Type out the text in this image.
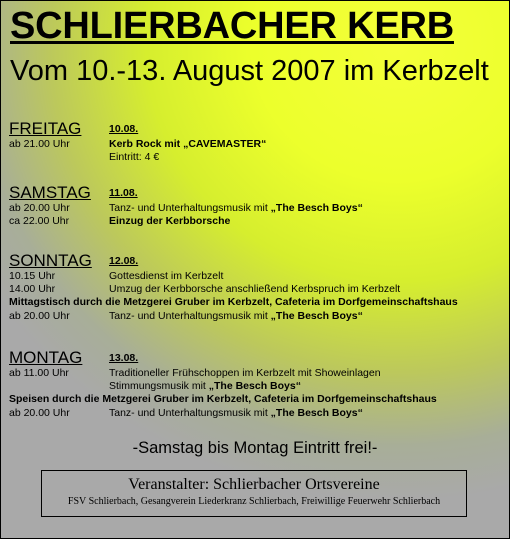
SCHLIERBACHER KERB
Vom 10.-13. August 2007 im Kerbzelt
FREITAG	10.08.
ab 21.00 Uhr	Kerb Rock mit „CAVEMASTER“
Eintritt: 4 €
SAMSTAG 11.08.
ab 20.00 Uhr	Tanz- und Unterhaltungsmusik mit „The Besch Boys“
ca 22.00 Uhr	Einzug der Kerbborsche
SONNTAG 12.08.
10.15 Uhr	Gottesdienst im Kerbzelt
14.00 Uhr	Umzug der Kerbborsche anschließend Kerbspruch im Kerbzelt
Mittagstisch durch die Metzgerei Gruber im Kerbzelt, Cafeteria im Dorfgemeinschaftshaus
ab 20.00 Uhr	Tanz- und Unterhaltungsmusik mit „The Besch Boys“
MONTAG	13.08.
ab 11.00 Uhr	Traditioneller Frühschoppen im Kerbzelt mit Showeinlagen
Stimmungsmusik mit „The Besch Boys“
Speisen durch die Metzgerei Gruber im Kerbzelt, Cafeteria im Dorfgemeinschaftshaus
ab 20.00 Uhr	Tanz- und Unterhaltungsmusik mit „The Besch Boys“
-Samstag bis Montag Eintritt frei!-
Veranstalter: Schlierbacher Ortsvereine
FSV Schlierbach, Gesangverein Liederkranz Schlierbach, Freiwillige Feuerwehr Schlierbach
